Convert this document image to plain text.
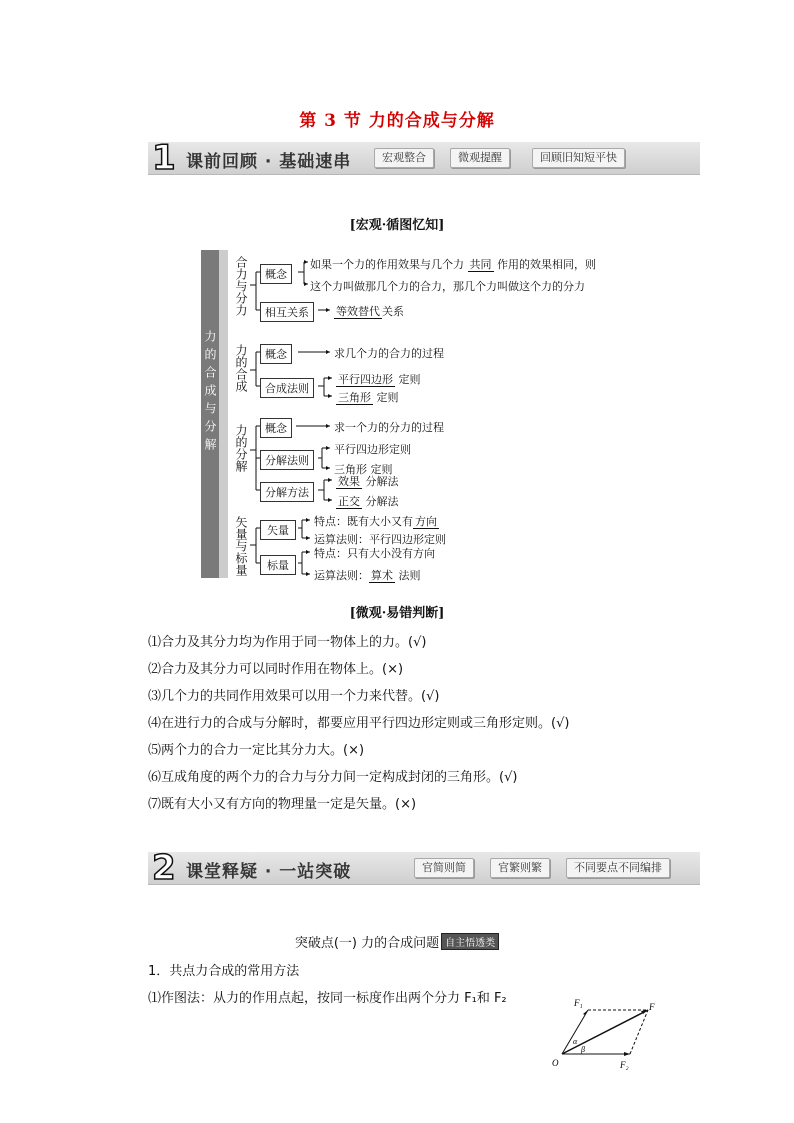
第 3 节 力的合成与分解
1 课前回顾 · 基础速串	宏观整合	微观提醒	回顾旧知短平快
[宏观·循图忆知]
力的合成与分解
合力与分力
力的合成
力的分解
矢量与标量
概念
如果一个力的作用效果与几个力 共同 作用的效果相同，则
这个力叫做那几个力的合力，那几个力叫做这个力的分力
相互关系	等效替代 关系
概念	求几个力的合力的过程
合成法则
平行四边形 定则
三角形 定则
概念	求一个力的分力的过程
分解法则
平行四边形定则
三角形 定则
分解方法
效果 分解法
正交 分解法
矢量
特点：既有大小又有 方向
运算法则：平行四边形定则
标量
特点：只有大小没有方向
运算法则： 算术 法则
[微观·易错判断]
⑴合力及其分力均为作用于同一物体上的力。(√)
⑵合力及其分力可以同时作用在物体上。(×)
⑶几个力的共同作用效果可以用一个力来代替。(√)
⑷在进行力的合成与分解时，都要应用平行四边形定则或三角形定则。(√)
⑸两个力的合力一定比其分力大。(×)
⑹互成角度的两个力的合力与分力间一定构成封闭的三角形。(√)
⑺既有大小又有方向的物理量一定是矢量。(×)
2 课堂释疑 · 一站突破	官简则简	官繁则繁	不同要点不同编排
突破点(一) 力的合成问题 自主悟透类
1．共点力合成的常用方法
⑴作图法：从力的作用点起，按同一标度作出两个分力 F₁和 F₂	F₁	F
O	F₂
α
β
